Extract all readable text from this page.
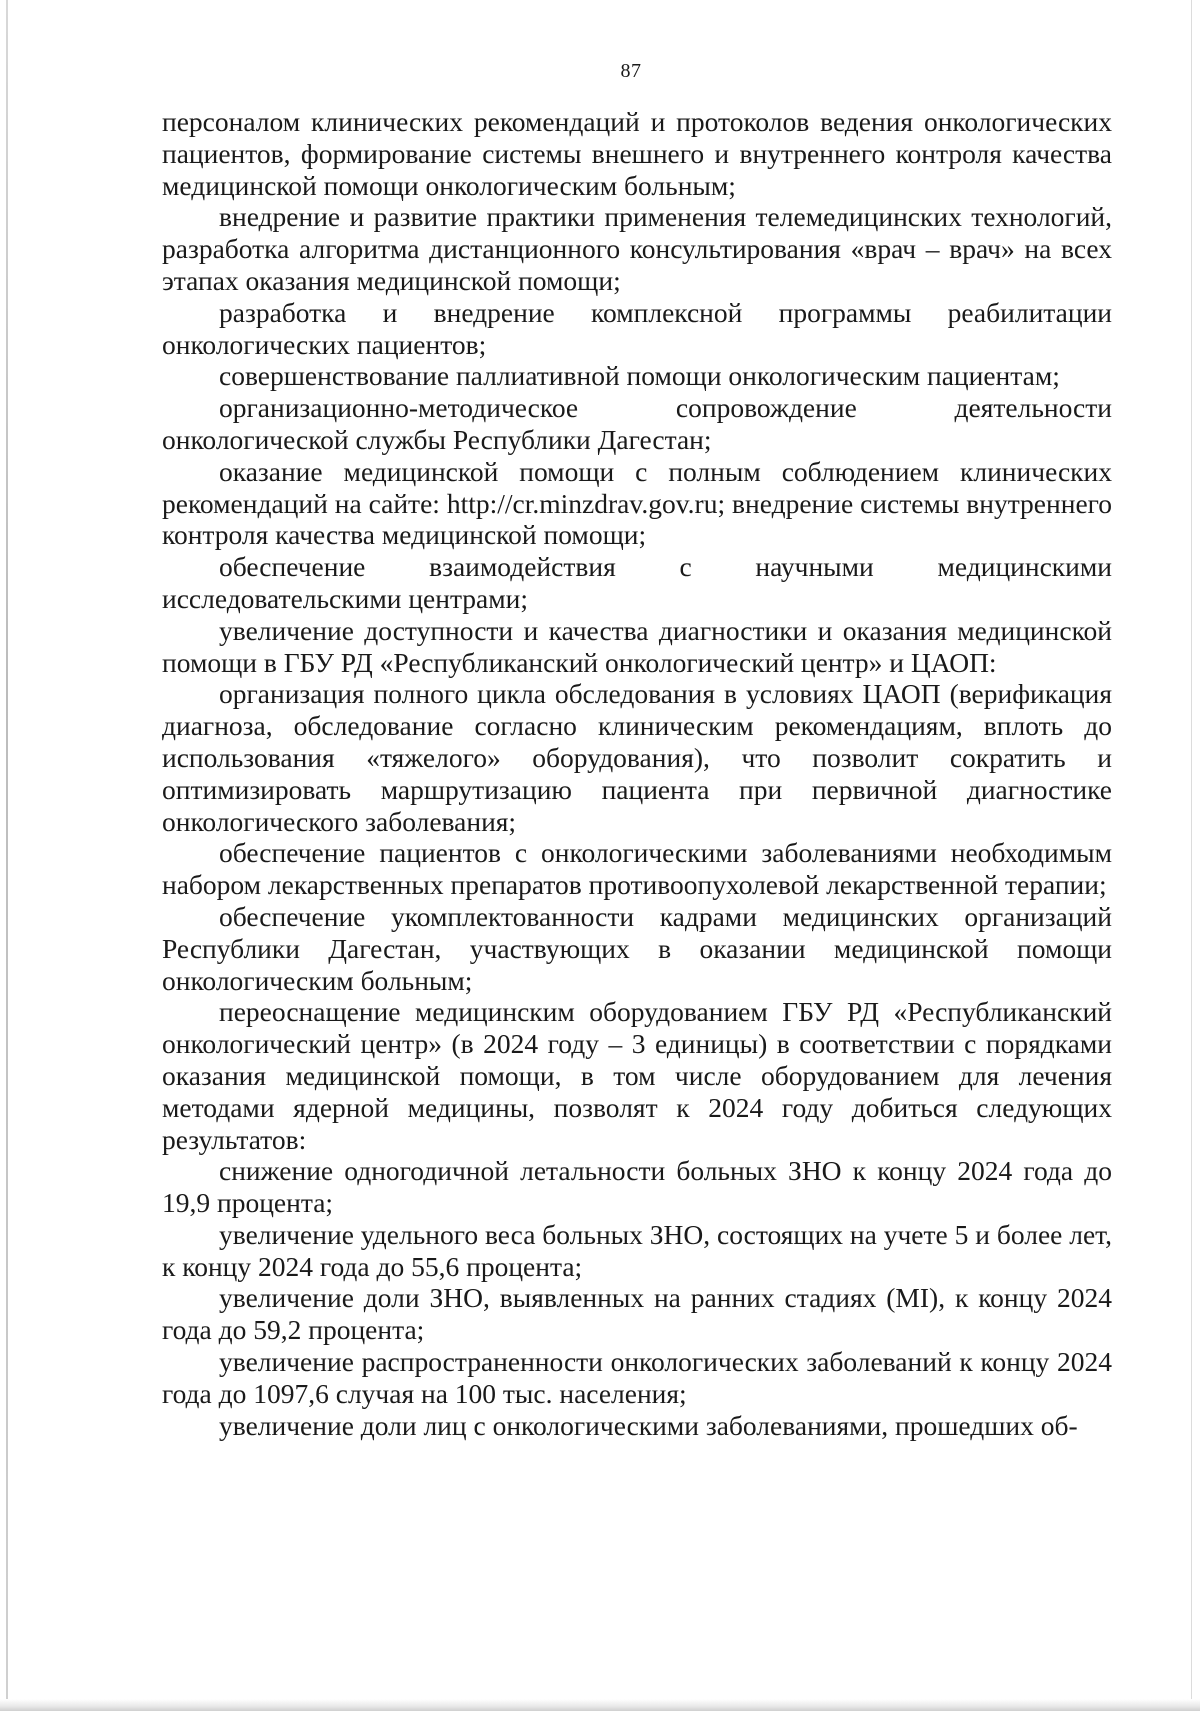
87

персоналом клинических рекомендаций и протоколов ведения онкологических пациентов, формирование системы внешнего и внутреннего контроля качества медицинской помощи онкологическим больным;

внедрение и развитие практики применения телемедицинских технологий, разработка алгоритма дистанционного консультирования «врач – врач» на всех этапах оказания медицинской помощи;

разработка и внедрение комплексной программы реабилитации онкологических пациентов;

совершенствование паллиативной помощи онкологическим пациентам;

организационно-методическое сопровождение деятельности онкологической службы Республики Дагестан;

оказание медицинской помощи с полным соблюдением клинических рекомендаций на сайте: http://cr.minzdrav.gov.ru; внедрение системы внутреннего контроля качества медицинской помощи;

обеспечение взаимодействия с научными медицинскими исследовательскими центрами;

увеличение доступности и качества диагностики и оказания медицинской помощи в ГБУ РД «Республиканский онкологический центр» и ЦАОП:

организация полного цикла обследования в условиях ЦАОП (верификация диагноза, обследование согласно клиническим рекомендациям, вплоть до использования «тяжелого» оборудования), что позволит сократить и оптимизировать маршрутизацию пациента при первичной диагностике онкологического заболевания;

обеспечение пациентов с онкологическими заболеваниями необходимым набором лекарственных препаратов противоопухолевой лекарственной терапии;

обеспечение укомплектованности кадрами медицинских организаций Республики Дагестан, участвующих в оказании медицинской помощи онкологическим больным;

переоснащение медицинским оборудованием ГБУ РД «Республиканский онкологический центр» (в 2024 году – 3 единицы) в соответствии с порядками оказания медицинской помощи, в том числе оборудованием для лечения методами ядерной медицины, позволят к 2024 году добиться следующих результатов:

снижение одногодичной летальности больных ЗНО к концу 2024 года до 19,9 процента;

увеличение удельного веса больных ЗНО, состоящих на учете 5 и более лет, к концу 2024 года до 55,6 процента;

увеличение доли ЗНО, выявленных на ранних стадиях (МI), к концу 2024 года до 59,2 процента;

увеличение распространенности онкологических заболеваний к концу 2024 года до 1097,6 случая на 100 тыс. населения;

увеличение доли лиц с онкологическими заболеваниями, прошедших об-
